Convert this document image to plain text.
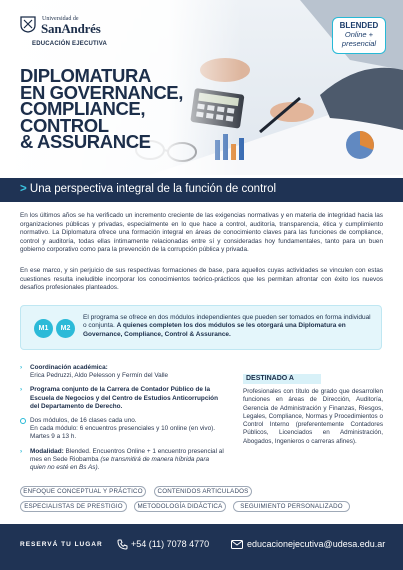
Universidad de
SanAndrés
EDUCACIÓN EJECUTIVA
BLENDED
Online +
presencial
DIPLOMATURA
EN GOVERNANCE,
COMPLIANCE,
CONTROL
& ASSURANCE
> Una perspectiva integral de la función de control

En los últimos años se ha verificado un incremento creciente de las exigencias normativas y en materia de integridad hacia las organizaciones públicas y privadas, especialmente en lo que hace a control, auditoría, transparencia, ética y cumplimiento normativo. La Diplomatura ofrece una formación integral en áreas de conocimiento claves para las funciones de compliance, control y auditoría, todas ellas íntimamente relacionadas entre sí y consideradas hoy fundamentales, tanto para un buen gobierno corporativo como para la prevención de la corrupción pública y privada.

En ese marco, y sin perjuicio de sus respectivas formaciones de base, para aquellos cuyas actividades se vinculen con estas cuestiones resulta ineludible incorporar los conocimientos teórico-prácticos que les permitan afrontar con éxito los nuevos desafíos profesionales planteados.

M1	M2
El programa se ofrece en dos módulos independientes que pueden ser tomados en forma individual o conjunta. A quienes completen los dos módulos se les otorgará una Diplomatura en Governance, Compliance, Control & Assurance.
› Coordinación académica:
Erica Pedruzzi, Aldo Pelesson y Fermín del Valle
› Programa conjunto de la Carrera de Contador Público de la Escuela de Negocios y del Centro de Estudios Anticorrupción del Departamento de Derecho.
Dos módulos, de 16 clases cada uno.
En cada módulo: 6 encuentros presenciales y 10 online (en vivo). Martes 9 a 13 h.
› Modalidad: Blended. Encuentros Online + 1 encuentro presencial al mes en Sede Riobamba (se transmitirá de manera híbrida para quien no esté en Bs As).
DESTINADO A

Profesionales con título de grado que desarrollen funciones en áreas de Dirección, Auditoría, Gerencia de Administración y Finanzas, Riesgos, Legales, Compliance, Normas y Procedimientos o Control Interno (preferentemente Contadores Públicos, Licenciados en Administración, Abogados, Ingenieros o carreras afines).

ENFOQUE CONCEPTUAL Y PRÁCTICO	CONTENIDOS ARTICULADOS
ESPECIALISTAS DE PRESTIGIO	METODOLOGÍA DIDÁCTICA	SEGUIMIENTO PERSONALIZADO
RESERVÁ TU LUGAR	+54 (11) 7078 4770	educacionejecutiva@udesa.edu.ar
